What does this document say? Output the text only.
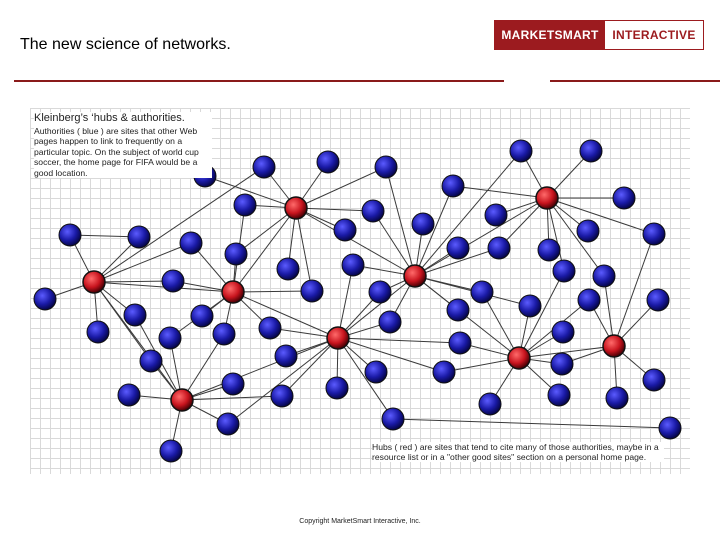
The new science of networks.
MARKETSMART	INTERACTIVE
Kleinberg’s ‘hubs & authorities.
Authorities ( blue ) are sites that other Web pages happen to link to frequently on a particular topic. On the subject of world cup soccer, the home page for FIFA would be a good location.
Hubs ( red ) are sites that tend to cite many of those authorities, maybe in a resource list or in a "other good sites" section on a personal home page.
Copyright MarketSmart Interactive, Inc.
